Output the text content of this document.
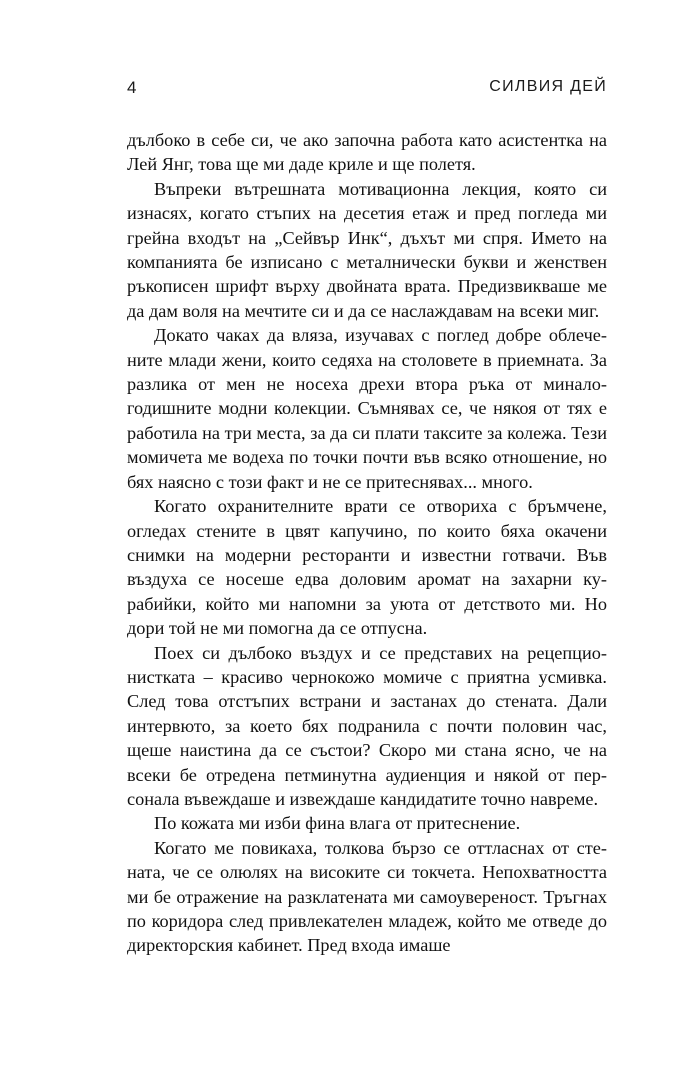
4	СИЛВИЯ ДЕЙ

дълбоко в себе си, че ако започна работа като асистентка на Лей Янг, това ще ми даде криле и ще полетя.

Въпреки вътрешната мотивационна лекция, която си изнасях, когато стъпих на десетия етаж и пред погледа ми грейна входът на „Сейвър Инк“, дъхът ми спря. Името на компанията бе изписано с металнически букви и женствен ръкописен шрифт върху двойната врата. Предизвикваше ме да дам воля на мечтите си и да се наслаждавам на всеки миг.

Докато чаках да вляза, изучавах с поглед добре облечените млади жени, които седяха на столовете в приемната. За разлика от мен не носеха дрехи втора ръка от миналогодишните модни колекции. Съмнявах се, че някоя от тях е работила на три места, за да си плати таксите за колежа. Тези момичета ме водеха по точки почти във всяко отношение, но бях наясно с този факт и не се притеснявах... много.

Когато охранителните врати се отвориха с бръмчене, огледах стените в цвят капучино, по които бяха окачени снимки на модерни ресторанти и известни готвачи. Във въздуха се носеше едва доловим аромат на захарни курабийки, който ми напомни за уюта от детството ми. Но дори той не ми помогна да се отпусна.

Поех си дълбоко въздух и се представих на рецепционистката – красиво чернокожо момиче с приятна усмивка. След това отстъпих встрани и застанах до стената. Дали интервюто, за което бях подранила с почти половин час, щеше наистина да се състои? Скоро ми стана ясно, че на всеки бе отредена петминутна аудиенция и някой от персонала въвеждаше и извеждаше кандидатите точно навреме.

По кожата ми изби фина влага от притеснение.

Когато ме повикаха, толкова бързо се оттласнах от стената, че се олюлях на високите си токчета. Непохватността ми бе отражение на разклатената ми самоувереност. Тръгнах по коридора след привлекателен младеж, който ме отведе до директорския кабинет. Пред входа имаше
